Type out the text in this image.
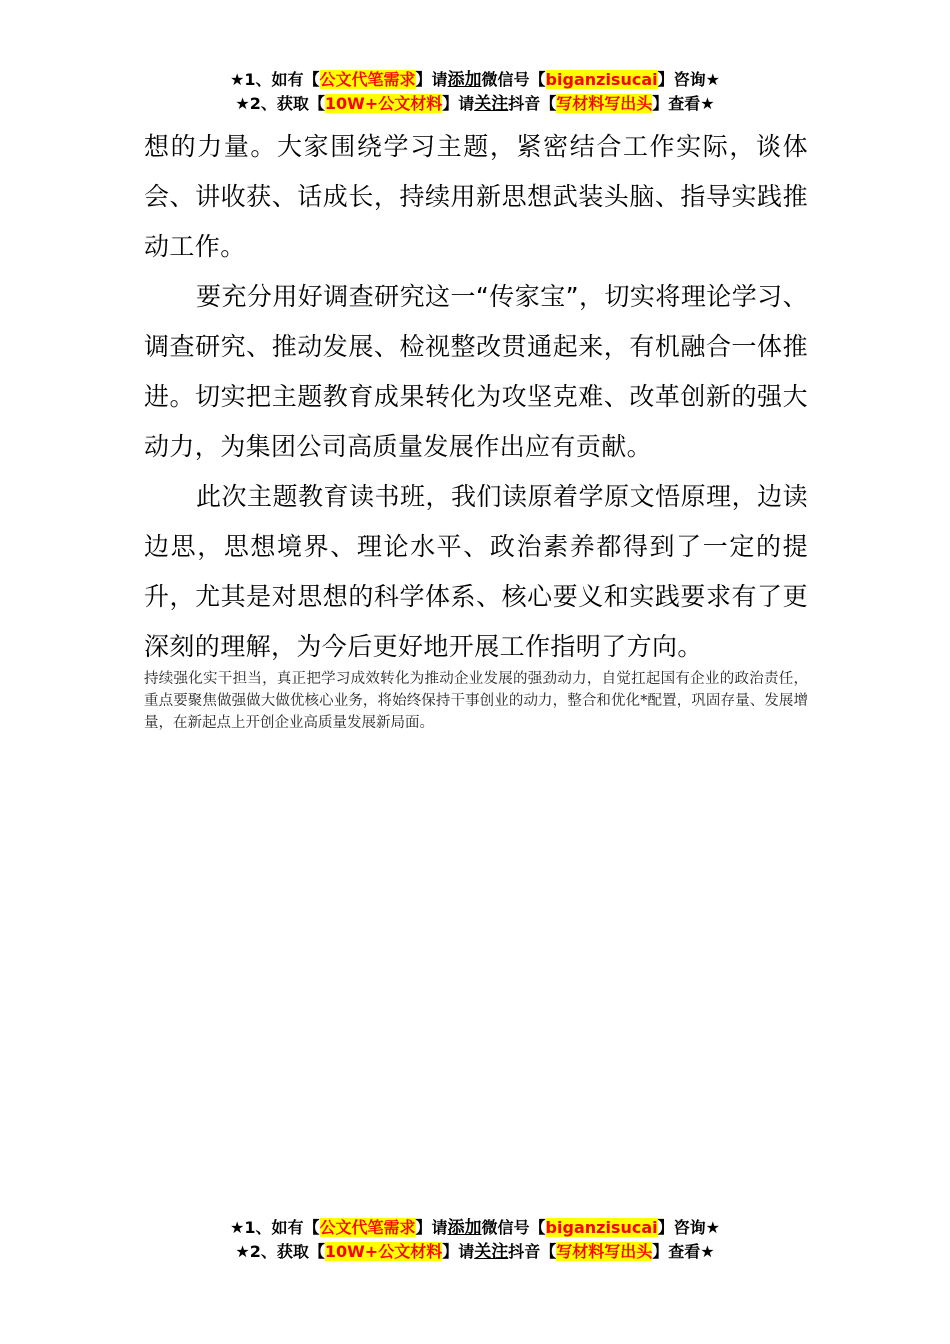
★1、如有【公文代笔需求】请添加微信号【biganzisucai】咨询★
★2、获取【10W+公文材料】请关注抖音【写材料写出头】查看★

想的力量。大家围绕学习主题，紧密结合工作实际，谈体会、讲收获、话成长，持续用新思想武装头脑、指导实践推动工作。

要充分用好调查研究这一“传家宝”，切实将理论学习、调查研究、推动发展、检视整改贯通起来，有机融合一体推进。切实把主题教育成果转化为攻坚克难、改革创新的强大动力，为集团公司高质量发展作出应有贡献。

此次主题教育读书班，我们读原着学原文悟原理，边读边思，思想境界、理论水平、政治素养都得到了一定的提升，尤其是对思想的科学体系、核心要义和实践要求有了更深刻的理解，为今后更好地开展工作指明了方向。

持续强化实干担当，真正把学习成效转化为推动企业发展的强劲动力，自觉扛起国有企业的政治责任，重点要聚焦做强做大做优核心业务，将始终保持干事创业的动力，整合和优化*配置，巩固存量、发展增量，在新起点上开创企业高质量发展新局面。
★1、如有【公文代笔需求】请添加微信号【biganzisucai】咨询★
★2、获取【10W+公文材料】请关注抖音【写材料写出头】查看★
